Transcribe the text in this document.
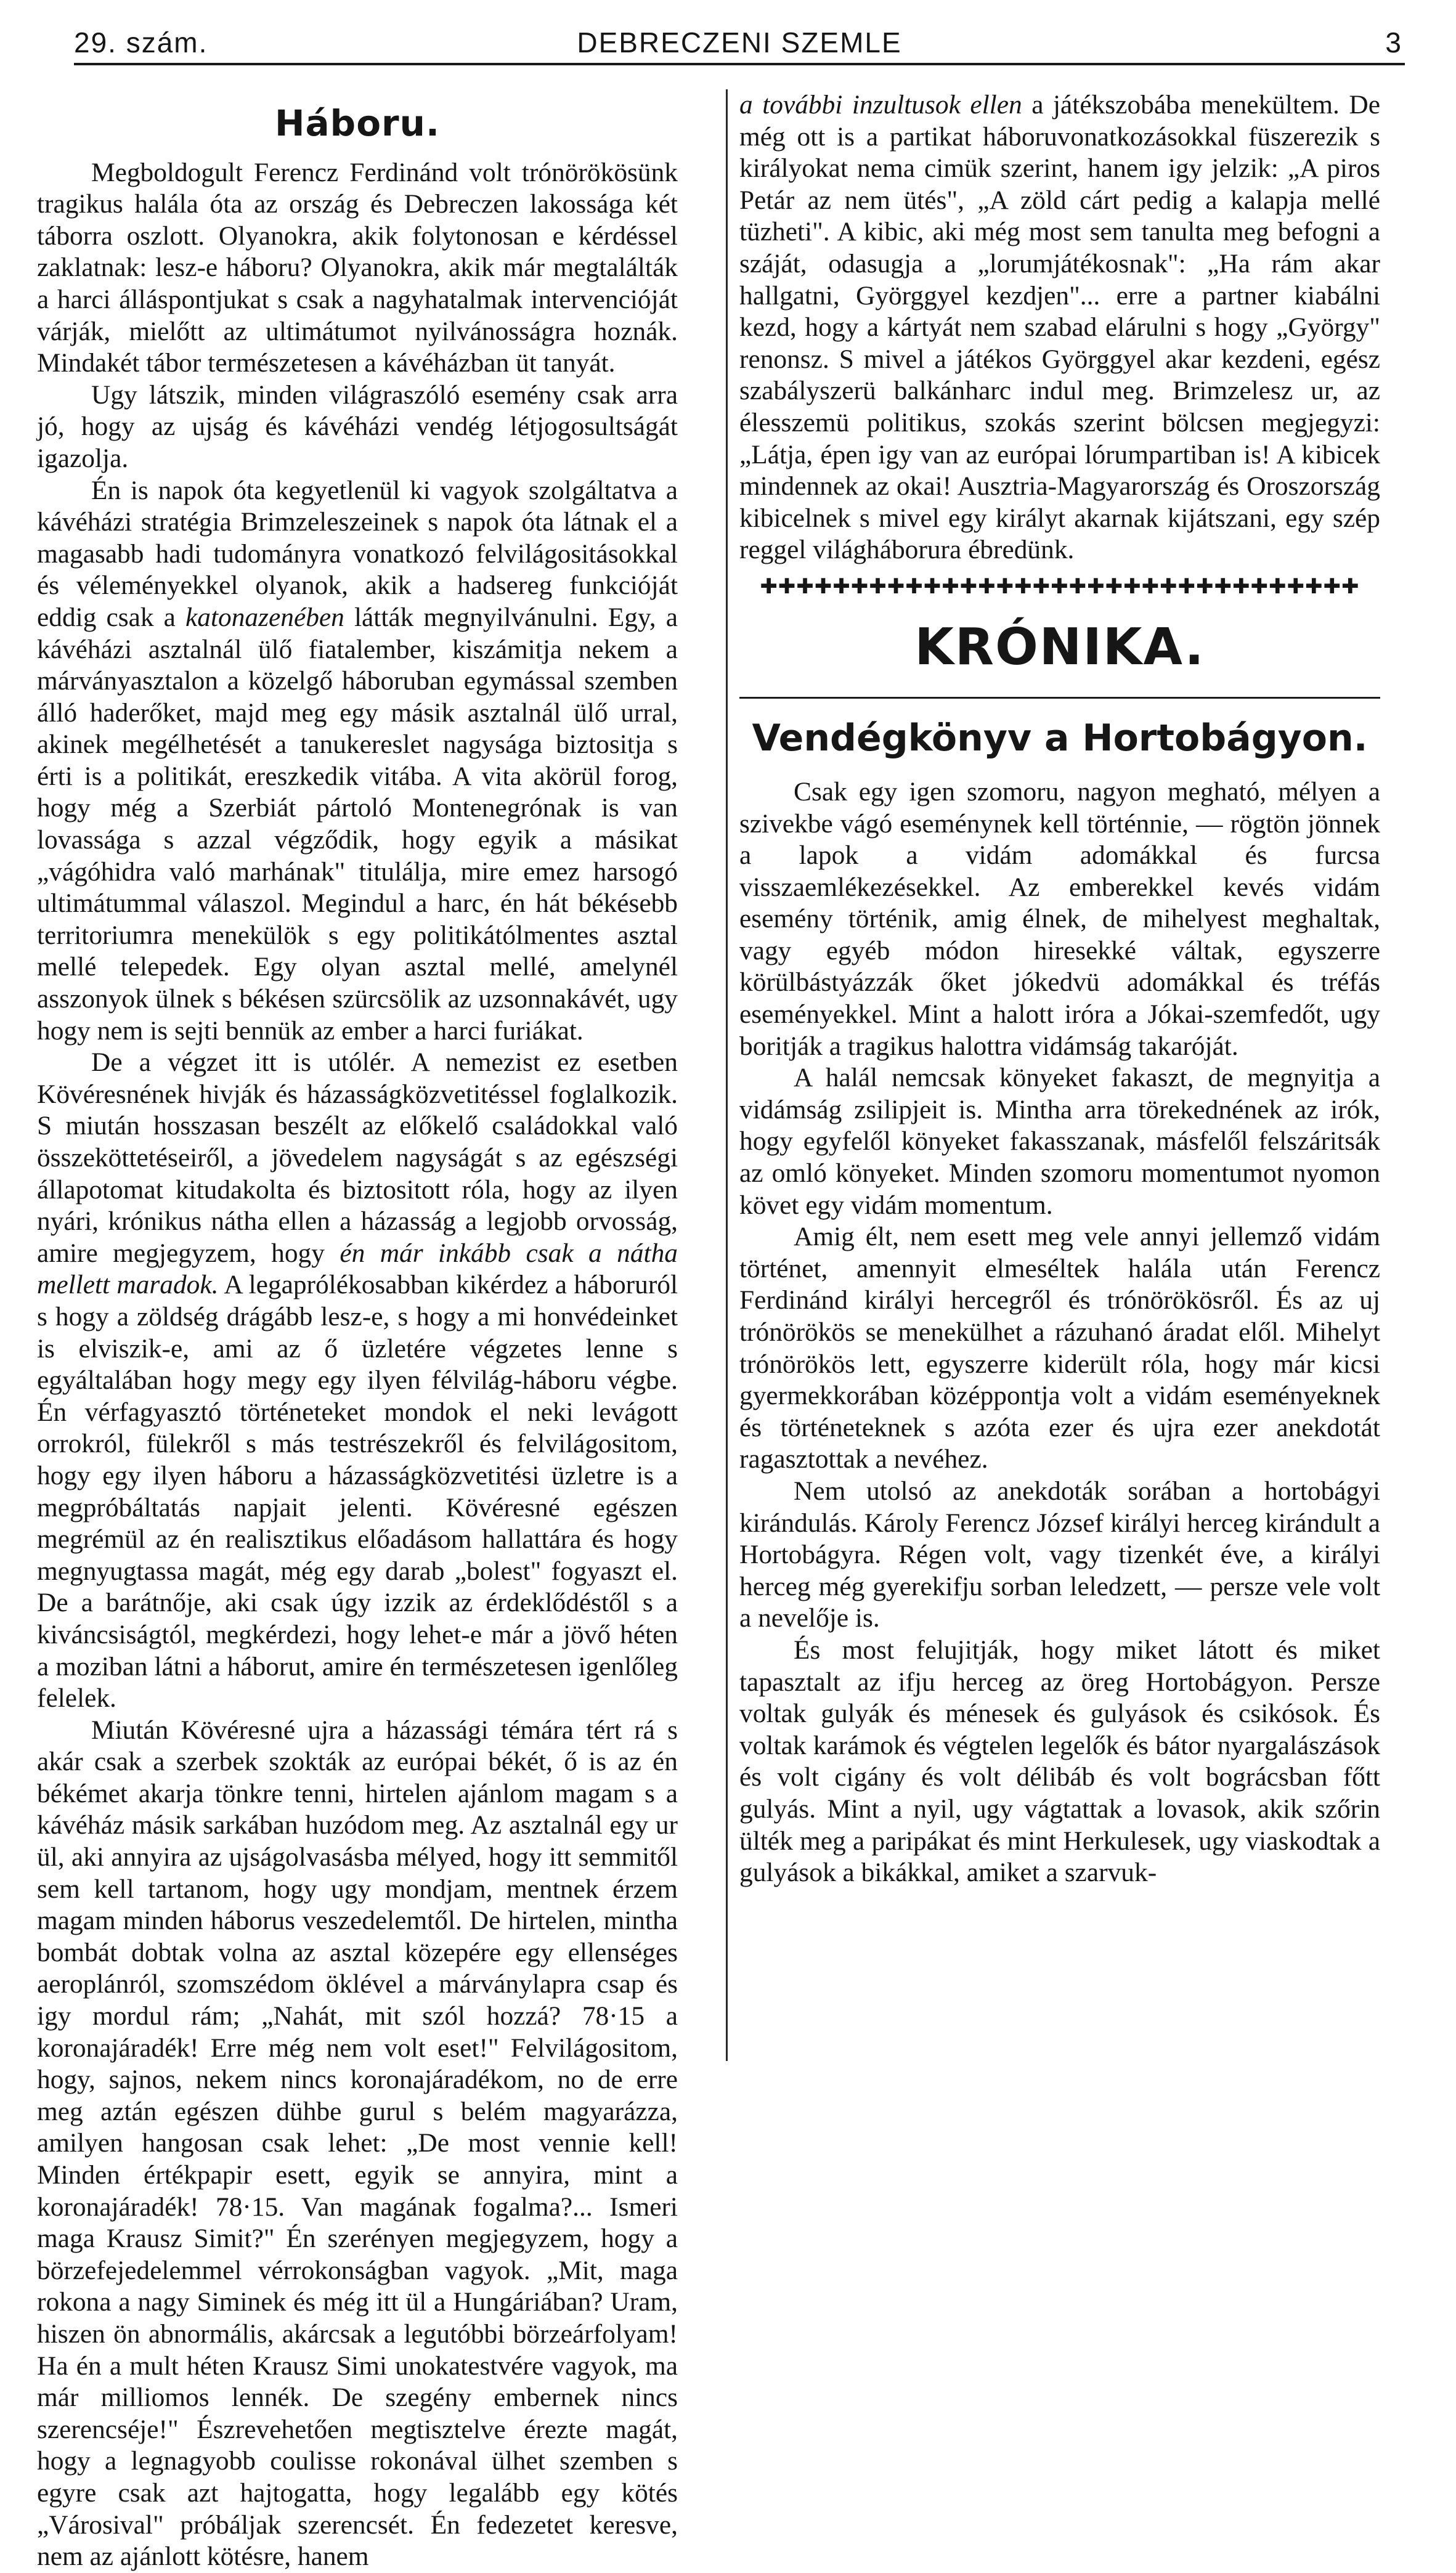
29. szám.	DEBRECZENI SZEMLE	3
Háboru.

Megboldogult Ferencz Ferdinánd volt trónörökösünk tragikus halála óta az ország és Debreczen lakossága két táborra oszlott. Olyanokra, akik folytonosan e kérdéssel zaklatnak: lesz-e háboru? Olyanokra, akik már megtalálták a harci álláspontjukat s csak a nagyhatalmak intervencióját várják, mielőtt az ultimátumot nyilvánosságra hoznák. Mindakét tábor természetesen a kávéházban üt tanyát.

Ugy látszik, minden világraszóló esemény csak arra jó, hogy az ujság és kávéházi vendég létjogosultságát igazolja.

Én is napok óta kegyetlenül ki vagyok szolgáltatva a kávéházi stratégia Brimzeleszeinek s napok óta látnak el a magasabb hadi tudományra vonatkozó felvilágositásokkal és véleményekkel olyanok, akik a hadsereg funkcióját eddig csak a katonazenében látták megnyilvánulni. Egy, a kávéházi asztalnál ülő fiatalember, kiszámitja nekem a márványasztalon a közelgő háboruban egymással szemben álló haderőket, majd meg egy másik asztalnál ülő urral, akinek megélhetését a tanukereslet nagysága biztositja s érti is a politikát, ereszkedik vitába. A vita akörül forog, hogy még a Szerbiát pártoló Montenegrónak is van lovassága s azzal végződik, hogy egyik a másikat „vágóhidra való marhának" titulálja, mire emez harsogó ultimátummal válaszol. Megindul a harc, én hát békésebb territoriumra menekülök s egy politikátólmentes asztal mellé telepedek. Egy olyan asztal mellé, amelynél asszonyok ülnek s békésen szürcsölik az uzsonnakávét, ugy hogy nem is sejti bennük az ember a harci furiákat.

De a végzet itt is utólér. A nemezist ez esetben Kövéresnének hivják és házasságközvetitéssel foglalkozik. S miután hosszasan beszélt az előkelő családokkal való összeköttetéseiről, a jövedelem nagyságát s az egészségi állapotomat kitudakolta és biztositott róla, hogy az ilyen nyári, krónikus nátha ellen a házasság a legjobb orvosság, amire megjegyzem, hogy én már inkább csak a nátha mellett maradok. A legaprólékosabban kikérdez a háboruról s hogy a zöldség drágább lesz-e, s hogy a mi honvédeinket is elviszik-e, ami az ő üzletére végzetes lenne s egyáltalában hogy megy egy ilyen félvilág-háboru végbe. Én vérfagyasztó történeteket mondok el neki levágott orrokról, fülekről s más testrészekről és felvilágositom, hogy egy ilyen háboru a házasságközvetitési üzletre is a megpróbáltatás napjait jelenti. Kövéresné egészen megrémül az én realisztikus előadásom hallattára és hogy megnyugtassa magát, még egy darab „bolest" fogyaszt el. De a barátnője, aki csak úgy izzik az érdeklődéstől s a kiváncsiságtól, megkérdezi, hogy lehet-e már a jövő héten a moziban látni a háborut, amire én természetesen igenlőleg felelek.

Miután Kövéresné ujra a házassági témára tért rá s akár csak a szerbek szokták az európai békét, ő is az én békémet akarja tönkre tenni, hirtelen ajánlom magam s a kávéház másik sarkában huzódom meg. Az asztalnál egy ur ül, aki annyira az ujságolvasásba mélyed, hogy itt semmitől sem kell tartanom, hogy ugy mondjam, mentnek érzem magam minden háborus veszedelemtől. De hirtelen, mintha bombát dobtak volna az asztal közepére egy ellenséges aeroplánról, szomszédom öklével a márványlapra csap és igy mordul rám; „Nahát, mit szól hozzá? 78·15 a koronajáradék! Erre még nem volt eset!" Felvilágositom, hogy, sajnos, nekem nincs koronajáradékom, no de erre meg aztán egészen dühbe gurul s belém magyarázza, amilyen hangosan csak lehet: „De most vennie kell! Minden értékpapir esett, egyik se annyira, mint a koronajáradék! 78·15. Van magának fogalma?... Ismeri maga Krausz Simit?" Én szerényen megjegyzem, hogy a börzefejedelemmel vérrokonságban vagyok. „Mit, maga rokona a nagy Siminek és még itt ül a Hungáriában? Uram, hiszen ön abnormális, akárcsak a legutóbbi börzeárfolyam! Ha én a mult héten Krausz Simi unokatestvére vagyok, ma már milliomos lennék. De szegény embernek nincs szerencséje!" Észrevehetően megtisztelve érezte magát, hogy a legnagyobb coulisse rokonával ülhet szemben s egyre csak azt hajtogatta, hogy legalább egy kötés „Városival" próbáljak szerencsét. Én fedezetet keresve, nem az ajánlott kötésre, hanem

a további inzultusok ellen a játékszobába menekültem. De még ott is a partikat háboruvonatkozásokkal füszerezik s királyokat nema cimük szerint, hanem igy jelzik: „A piros Petár az nem ütés", „A zöld cárt pedig a kalapja mellé tüzheti". A kibic, aki még most sem tanulta meg befogni a száját, odasugja a „lorumjátékosnak": „Ha rám akar hallgatni, Györggyel kezdjen"... erre a partner kiabálni kezd, hogy a kártyát nem szabad elárulni s hogy „György" renonsz. S mivel a játékos Györggyel akar kezdeni, egész szabályszerü balkánharc indul meg. Brimzelesz ur, az élesszemü politikus, szokás szerint bölcsen megjegyzi: „Látja, épen igy van az európai lórumpartiban is! A kibicek mindennek az okai! Ausztria-Magyarország és Oroszország kibicelnek s mivel egy királyt akarnak kijátszani, egy szép reggel világháborura ébredünk.

✚✚✚✚✚✚✚✚✚✚✚✚✚✚✚✚✚✚✚✚✚✚✚✚✚✚✚✚✚✚✚✚✚
KRÓNIKA.
Vendégkönyv a Hortobágyon.

Csak egy igen szomoru, nagyon megható, mélyen a szivekbe vágó eseménynek kell történnie, — rögtön jönnek a lapok a vidám adomákkal és furcsa visszaemlékezésekkel. Az emberekkel kevés vidám esemény történik, amig élnek, de mihelyest meghaltak, vagy egyéb módon hiresekké váltak, egyszerre körülbástyázzák őket jókedvü adomákkal és tréfás eseményekkel. Mint a halott iróra a Jókai-szemfedőt, ugy boritják a tragikus halottra vidámság takaróját.

A halál nemcsak könyeket fakaszt, de megnyitja a vidámság zsilipjeit is. Mintha arra törekednének az irók, hogy egyfelől könyeket fakasszanak, másfelől felszáritsák az omló könyeket. Minden szomoru momentumot nyomon követ egy vidám momentum.

Amig élt, nem esett meg vele annyi jellemző vidám történet, amennyit elmeséltek halála után Ferencz Ferdinánd királyi hercegről és trónörökösről. És az uj trónörökös se menekülhet a rázuhanó áradat elől. Mihelyt trónörökös lett, egyszerre kiderült róla, hogy már kicsi gyermekkorában középpontja volt a vidám eseményeknek és történeteknek s azóta ezer és ujra ezer anekdotát ragasztottak a nevéhez.

Nem utolsó az anekdoták sorában a hortobágyi kirándulás. Károly Ferencz József királyi herceg kirándult a Hortobágyra. Régen volt, vagy tizenkét éve, a királyi herceg még gyerekifju sorban leledzett, — persze vele volt a nevelője is.

És most felujitják, hogy miket látott és miket tapasztalt az ifju herceg az öreg Hortobágyon. Persze voltak gulyák és ménesek és gulyások és csikósok. És voltak karámok és végtelen legelők és bátor nyargalászások és volt cigány és volt délibáb és volt bográcsban főtt gulyás. Mint a nyil, ugy vágtattak a lovasok, akik szőrin ülték meg a paripákat és mint Herkulesek, ugy viaskodtak a gulyások a bikákkal, amiket a szarvuk-
